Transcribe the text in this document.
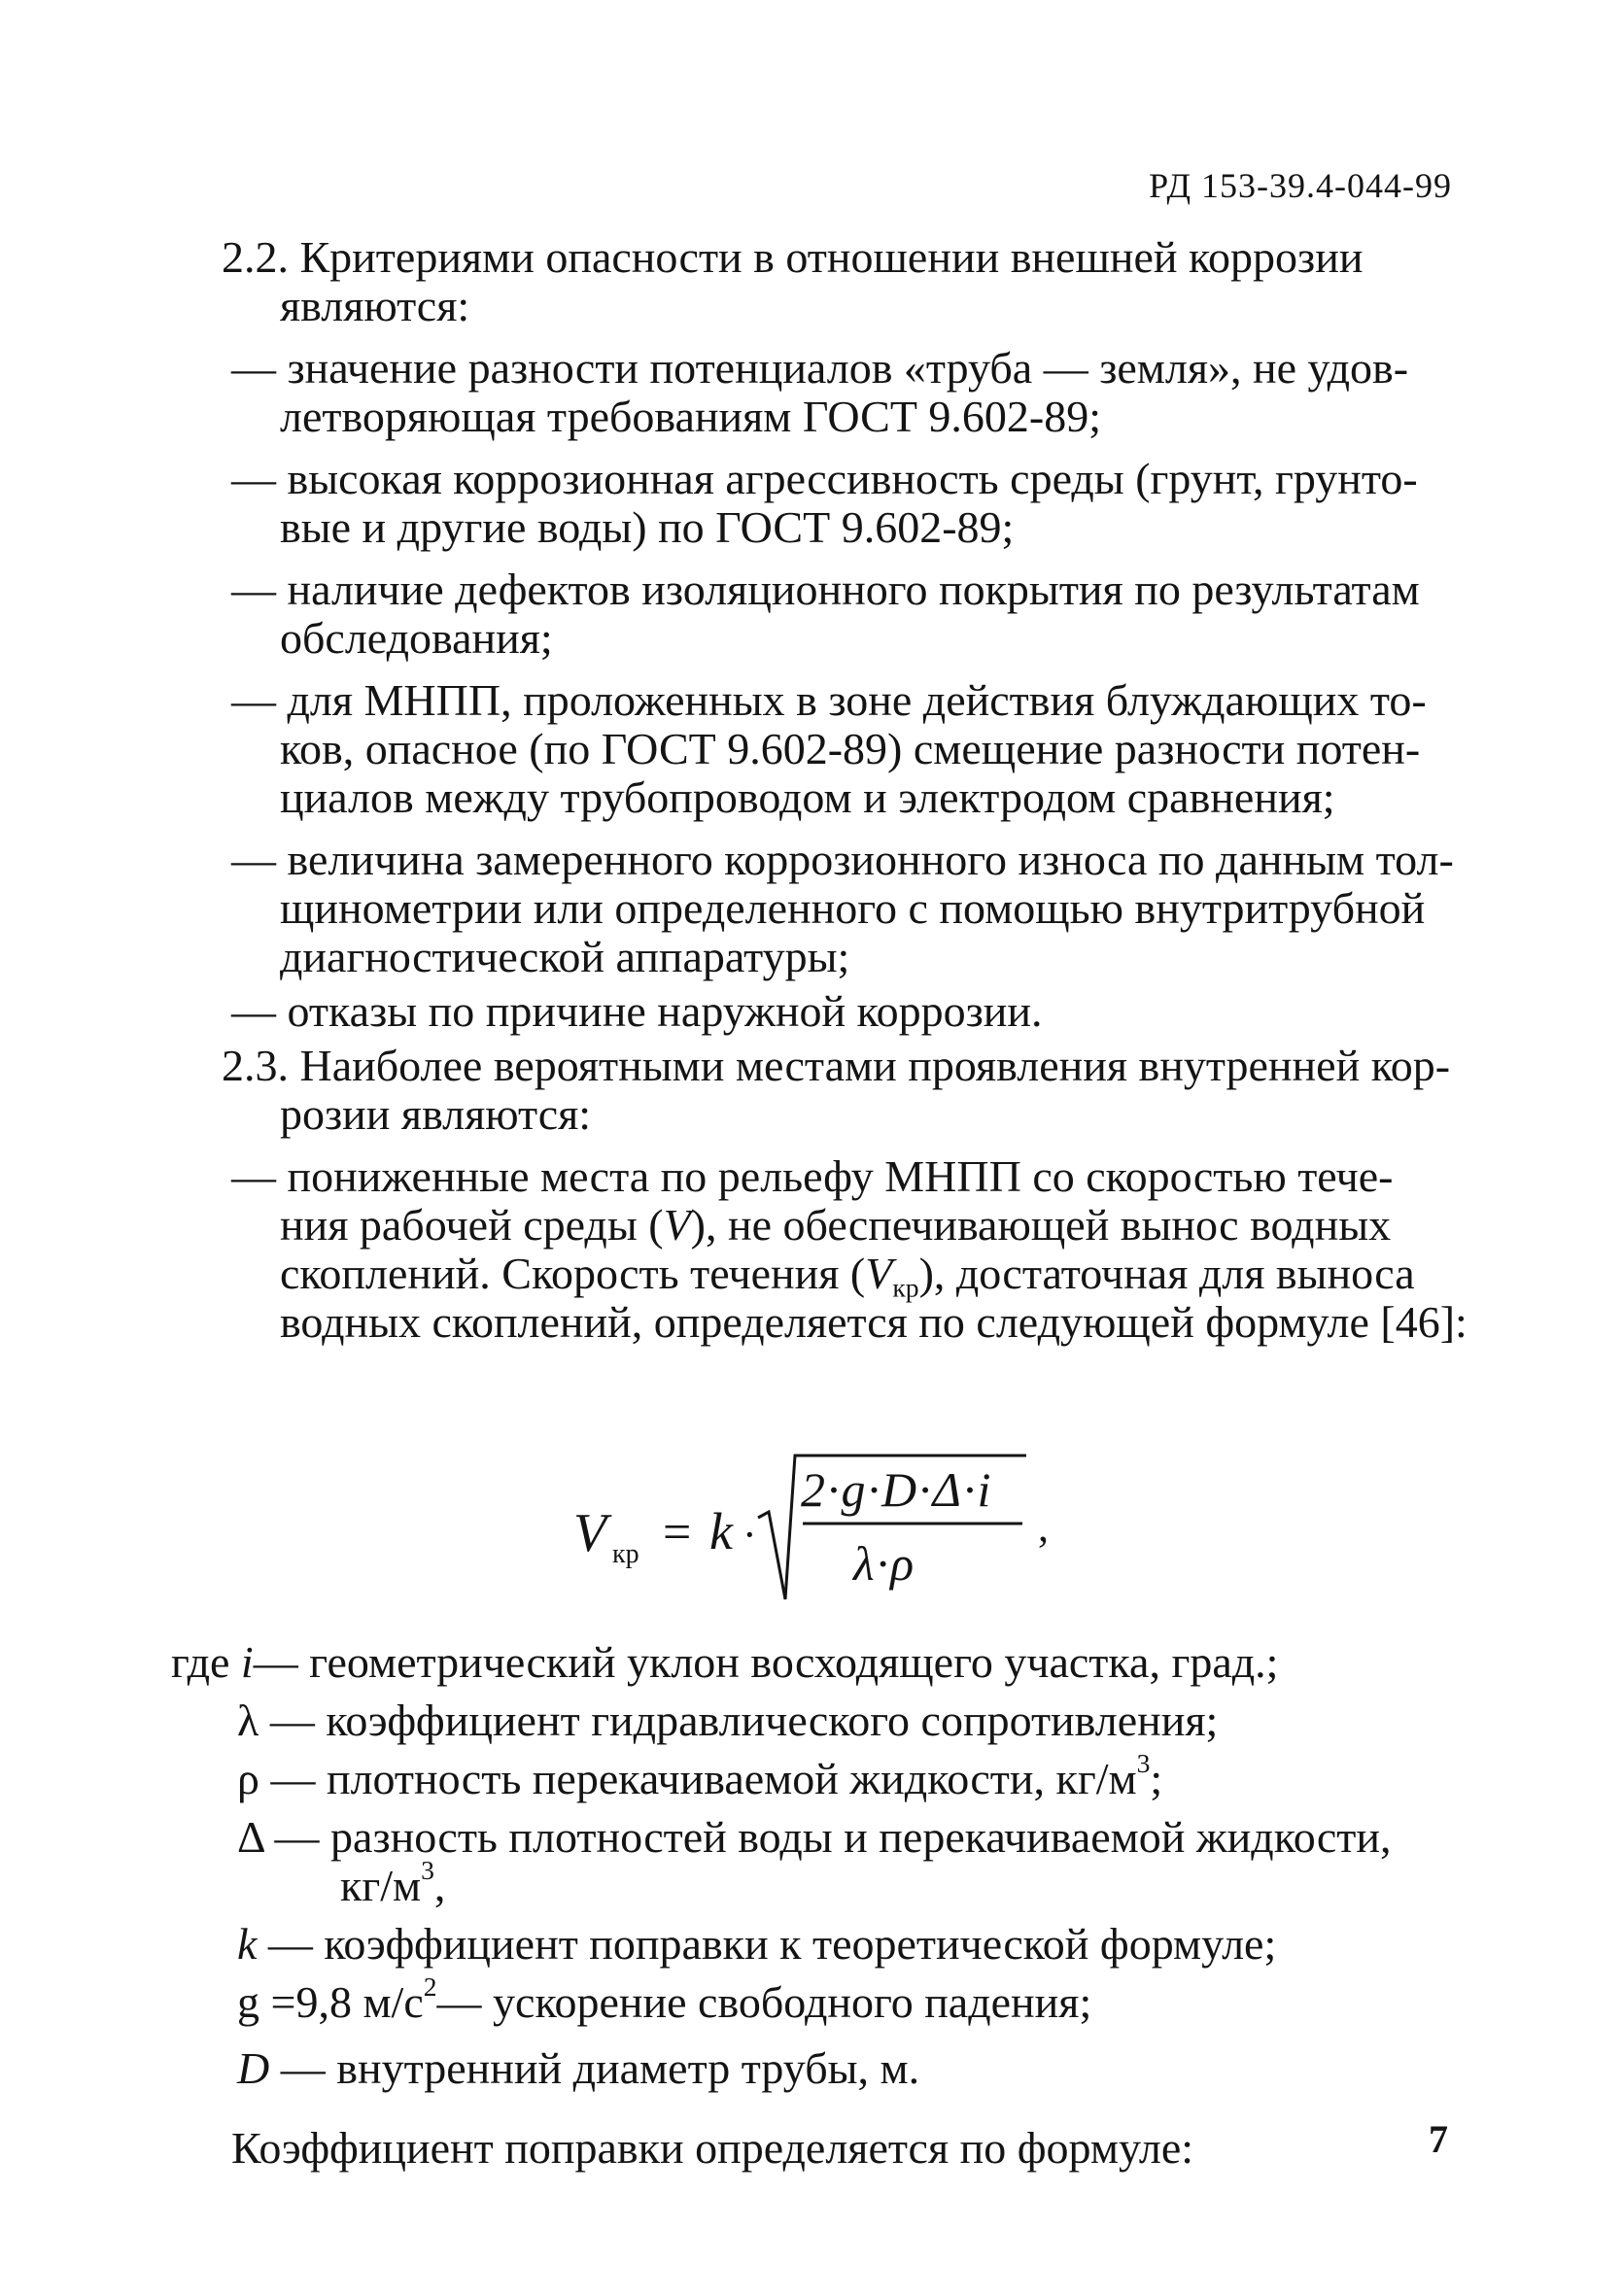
РД 153-39.4-044-99
2.2. Критериями опасности в отношении внешней коррозии
являются:
— значение разности потенциалов «труба — земля», не удов-
летворяющая требованиям ГОСТ 9.602-89;
— высокая коррозионная агрессивность среды (грунт, грунто-
вые и другие воды) по ГОСТ 9.602-89;
— наличие дефектов изоляционного покрытия по результатам
обследования;
— для МНПП, проложенных в зоне действия блуждающих то-
ков, опасное (по ГОСТ 9.602-89) смещение разности потен-
циалов между трубопроводом и электродом сравнения;
— величина замеренного коррозионного износа по данным тол-
щинометрии или определенного с помощью внутритрубной
диагностической аппаратуры;
— отказы по причине наружной коррозии.
2.3. Наиболее вероятными местами проявления внутренней кор-
розии являются:
— пониженные места по рельефу МНПП со скоростью тече-
ния рабочей среды (V), не обеспечивающей вынос водных
скоплений. Скорость течения $(V_{кр})$, достаточная для выноса
водных скоплений, определяется по следующей формуле [46]:
V кр = k ·
2·g·D·Δ·i
λ·ρ
,
где i— геометрический уклон восходящего участка, град.;
λ — коэффициент гидравлического сопротивления;
ρ — плотность перекачиваемой жидкости, $кг/м^3$;
Δ — разность плотностей воды и перекачиваемой жидкости,
$кг/м^3$,
k — коэффициент поправки к теоретической формуле;
g =9,8 $м/с^2—$ ускорение свободного падения;
D — внутренний диаметр трубы, м.
Коэффициент поправки определяется по формуле:	7
